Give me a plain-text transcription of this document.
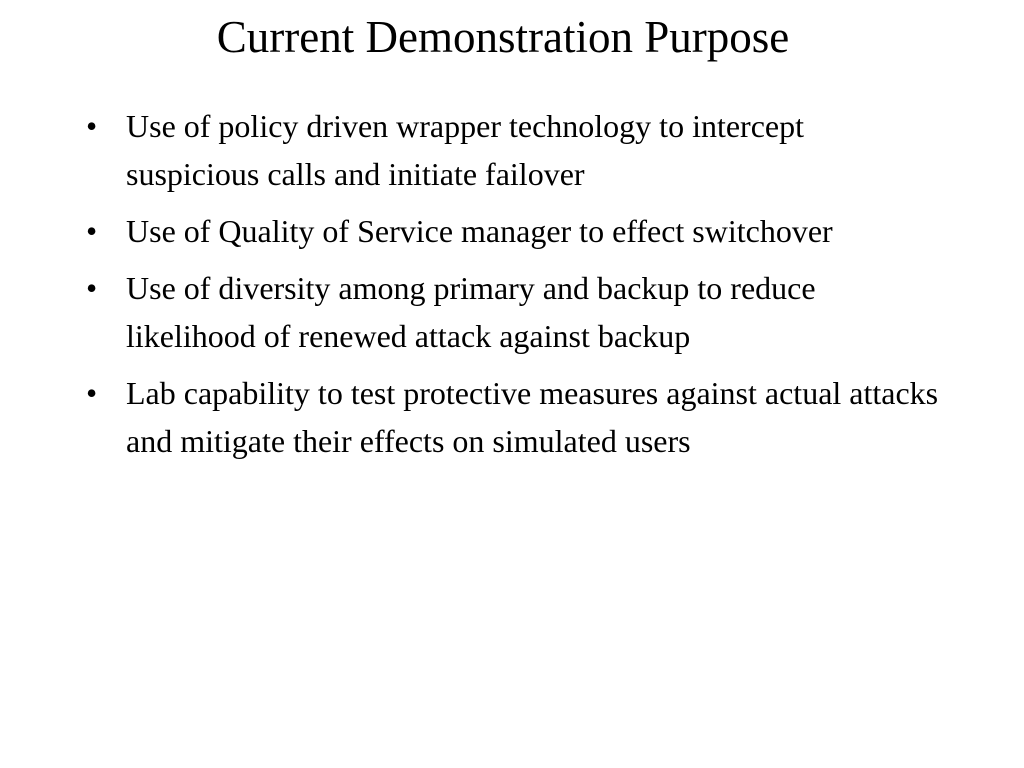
Current Demonstration Purpose
• Use of policy driven wrapper technology to intercept suspicious calls and initiate failover
• Use of Quality of Service manager to effect switchover
• Use of diversity among primary and backup to reduce likelihood of renewed attack against backup
• Lab capability to test protective measures against actual attacks and mitigate their effects on simulated users
